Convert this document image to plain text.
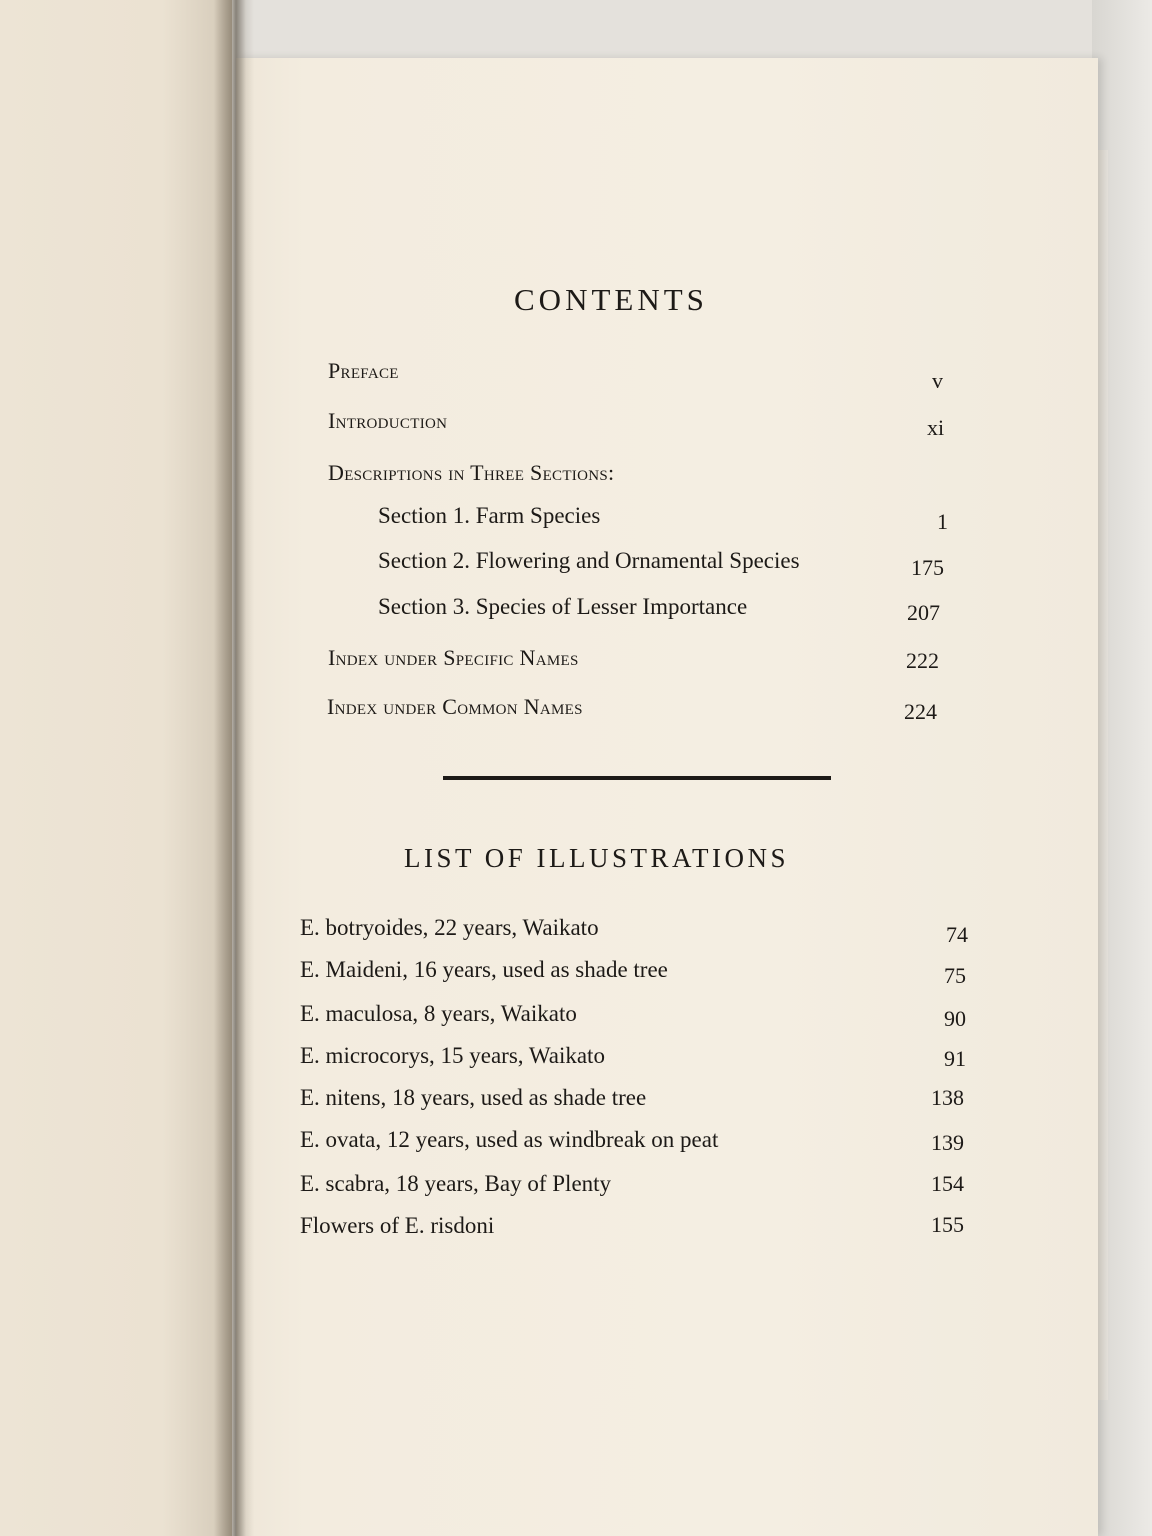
CONTENTS
Preface	v
Introduction	xi
Descriptions in Three Sections:
Section 1. Farm Species	1
Section 2. Flowering and Ornamental Species	175
Section 3. Species of Lesser Importance	207
Index under Specific Names	222
Index under Common Names	224
LIST OF ILLUSTRATIONS
E. botryoides, 22 years, Waikato	74
E. Maideni, 16 years, used as shade tree	75
E. maculosa, 8 years, Waikato	90
E. microcorys, 15 years, Waikato	91
E. nitens, 18 years, used as shade tree	138
E. ovata, 12 years, used as windbreak on peat	139
E. scabra, 18 years, Bay of Plenty	154
Flowers of E. risdoni	155
